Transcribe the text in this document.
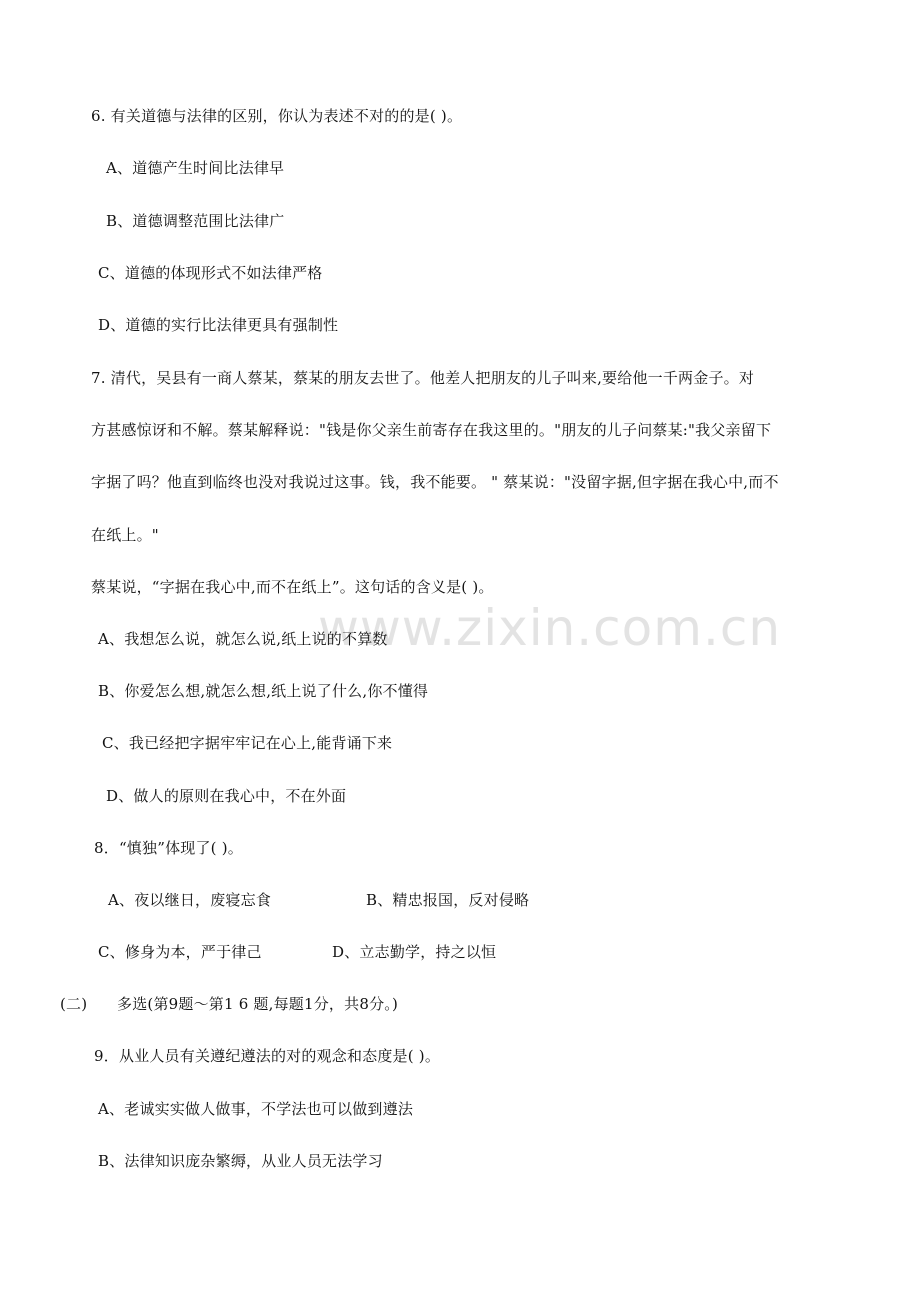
www.zixin.com.cn
6. 有关道德与法律的区别，你认为表述不对的的是( )。
A、道德产生时间比法律早
B、道德调整范围比法律广
C、道德的体现形式不如法律严格
D、道德的实行比法律更具有强制性
7. 清代，吴县有一商人蔡某，蔡某的朋友去世了。他差人把朋友的儿子叫来,要给他一千两金子。对
方甚感惊讶和不解。蔡某解释说："钱是你父亲生前寄存在我这里的。"朋友的儿子问蔡某:"我父亲留下
字据了吗？他直到临终也没对我说过这事。钱，我不能要。 " 蔡某说："没留字据,但字据在我心中,而不
在纸上。"
蔡某说，“字据在我心中,而不在纸上”。这句话的含义是( )。
A、我想怎么说，就怎么说,纸上说的不算数
B、你爱怎么想,就怎么想,纸上说了什么,你不懂得
C、我已经把字据牢牢记在心上,能背诵下来
D、做人的原则在我心中，不在外面
8．“慎独”体现了( )。
A、夜以继日，废寝忘食	B、精忠报国，反对侵略
C、修身为本，严于律己	D、立志勤学，持之以恒
(二) 多选(第9题～第1 6 题,每题1分，共8分。)
9．从业人员有关遵纪遵法的对的观念和态度是( )。
A、老诚实实做人做事，不学法也可以做到遵法
B、法律知识庞杂繁缛，从业人员无法学习
